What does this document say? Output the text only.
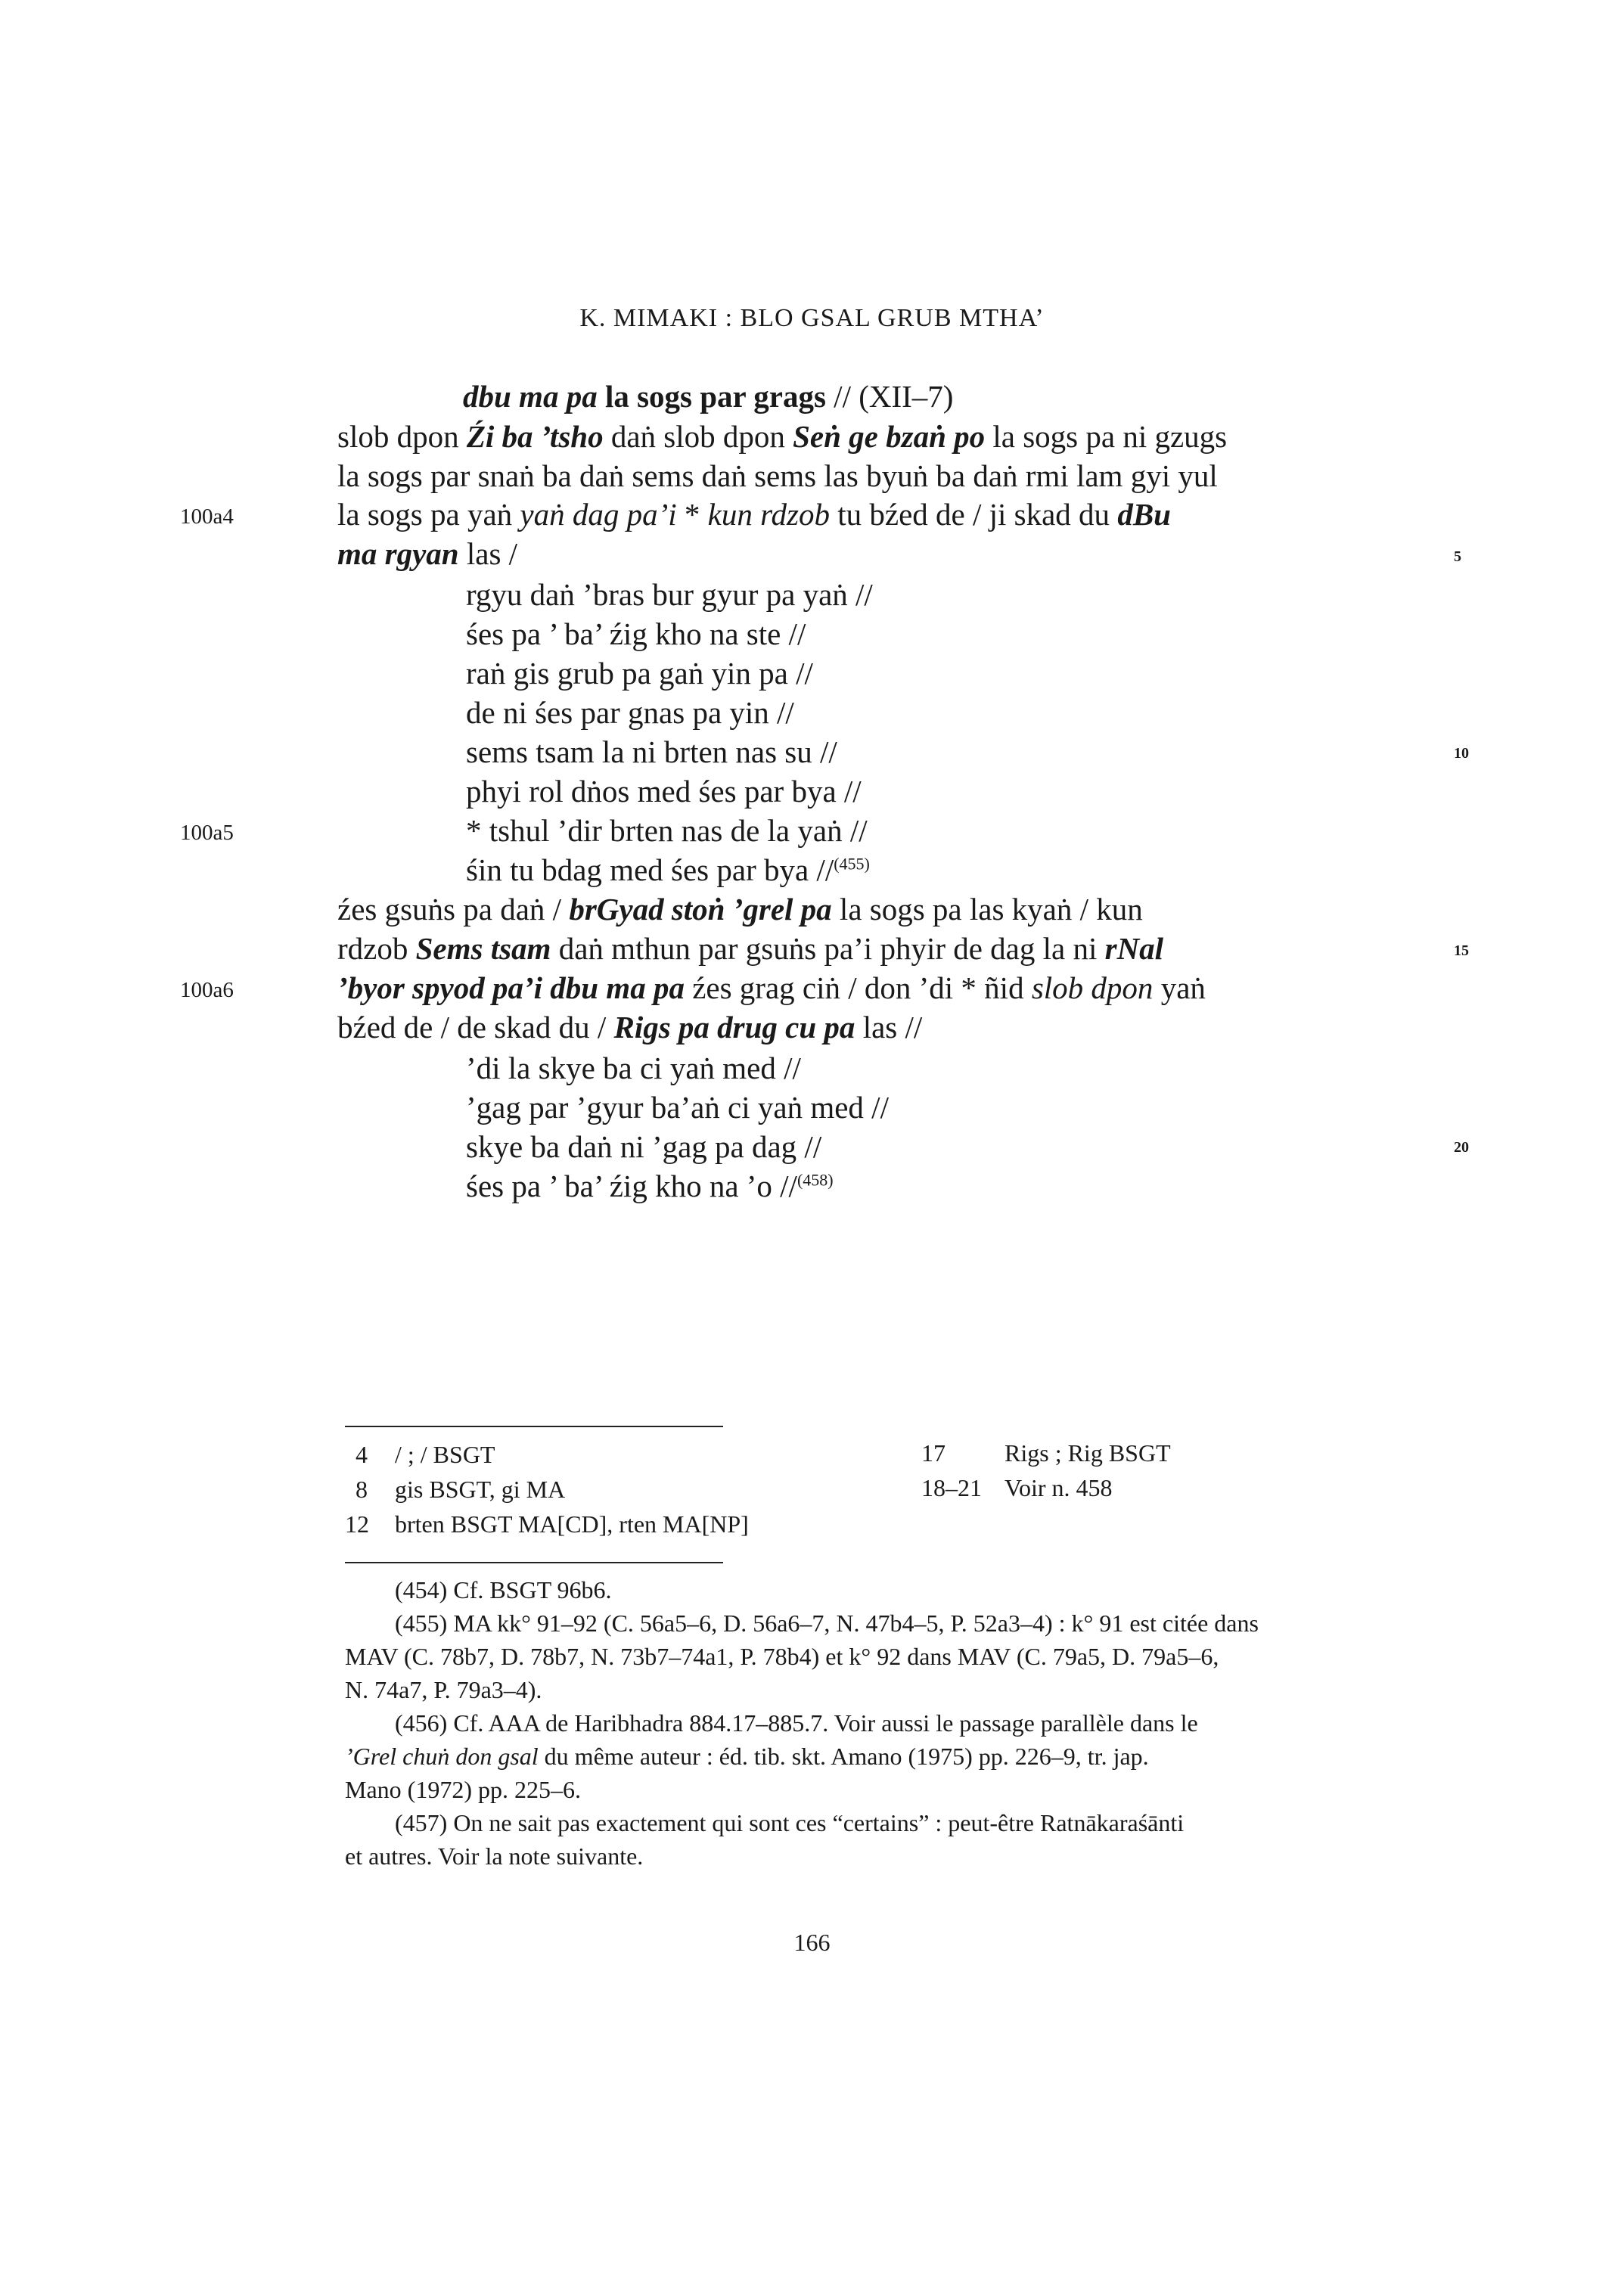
K. MIMAKI : BLO GSAL GRUB MTHA’
dbu ma pa la sogs par grags // (XII–7)
slob dpon Źi ba ’tsho daṅ slob dpon Seṅ ge bzaṅ po la sogs pa ni gzugs
la sogs par snaṅ ba daṅ sems daṅ sems las byuṅ ba daṅ rmi lam gyi yul
la sogs pa yaṅ yaṅ dag pa’i * kun rdzob tu bźed de / ji skad du dBu
ma rgyan las /
rgyu daṅ ’bras bur gyur pa yaṅ //
śes pa ’ ba’ źig kho na ste //
raṅ gis grub pa gaṅ yin pa //
de ni śes par gnas pa yin //
sems tsam la ni brten nas su //
phyi rol dṅos med śes par bya //
* tshul ’dir brten nas de la yaṅ //
śin tu bdag med śes par bya //$^{(455)}$
źes gsuṅs pa daṅ / brGyad stoṅ ’grel pa la sogs pa las kyaṅ / kun
rdzob Sems tsam daṅ mthun par gsuṅs pa’i phyir de dag la ni rNal
’byor spyod pa’i dbu ma pa źes grag ciṅ / don ’di * ñid slob dpon yaṅ
bźed de / de skad du / Rigs pa drug cu pa las //
’di la skye ba ci yaṅ med //
’gag par ’gyur ba’aṅ ci yaṅ med //
skye ba daṅ ni ’gag pa dag //
śes pa ’ ba’ źig kho na ’o //$^{(458)}$
100a4
100a5
100a6
5
10
15
20
4 / ; / BSGT
8 gis BSGT, gi MA
12 brten BSGT MA[CD], rten MA[NP]
17 Rigs ; Rig BSGT
18–21 Voir n. 458
(454) Cf. BSGT 96b6.
(455) MA kk° 91–92 (C. 56a5–6, D. 56a6–7, N. 47b4–5, P. 52a3–4) : k° 91 est citée dans
MAV (C. 78b7, D. 78b7, N. 73b7–74a1, P. 78b4) et k° 92 dans MAV (C. 79a5, D. 79a5–6,
N. 74a7, P. 79a3–4).
(456) Cf. AAA de Haribhadra 884.17–885.7. Voir aussi le passage parallèle dans le
’Grel chuṅ don gsal du même auteur : éd. tib. skt. Amano (1975) pp. 226–9, tr. jap.
Mano (1972) pp. 225–6.
(457) On ne sait pas exactement qui sont ces “certains” : peut-être Ratnākaraśānti
et autres. Voir la note suivante.
166
